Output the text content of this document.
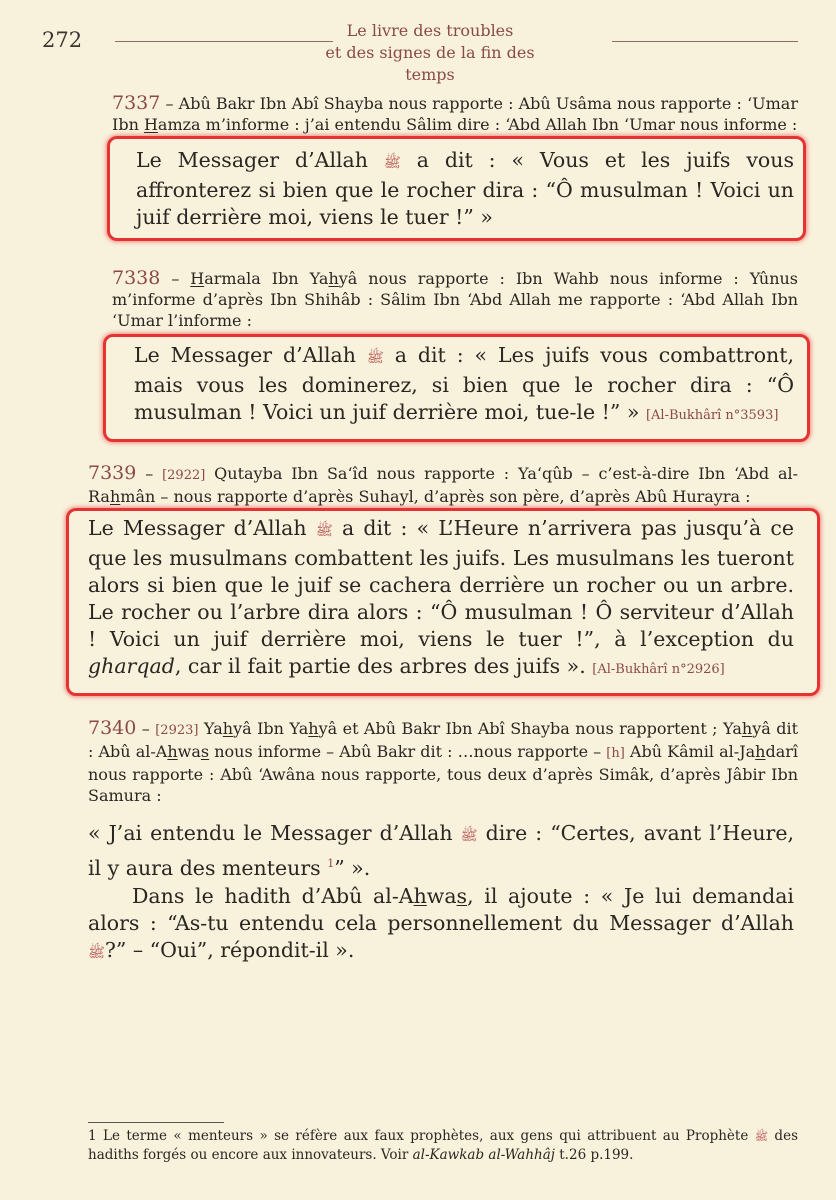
272	Le livre des troubles
et des signes de la fin des temps
7337 – Abû Bakr Ibn Abî Shayba nous rapporte : Abû Usâma nous rapporte : ‘Umar Ibn Hamza m’informe : j’ai entendu Sâlim dire : ‘Abd Allah Ibn ‘Umar nous informe :
Le Messager d’Allah ﷺ a dit : « Vous et les juifs vous affronterez si bien que le rocher dira : “Ô musulman ! Voici un juif derrière moi, viens le tuer !” »
7338 – Harmala Ibn Yahyâ nous rapporte : Ibn Wahb nous informe : Yûnus m’informe d’après Ibn Shihâb : Sâlim Ibn ‘Abd Allah me rapporte : ‘Abd Allah Ibn ‘Umar l’informe :
Le Messager d’Allah ﷺ a dit : « Les juifs vous combattront, mais vous les dominerez, si bien que le rocher dira : “Ô musulman ! Voici un juif derrière moi, tue-le !” » [Al-Bukhârî n°3593]
7339 – [2922] Qutayba Ibn Sa‘îd nous rapporte : Ya‘qûb – c’est-à-dire Ibn ‘Abd al-Rahmân – nous rapporte d’après Suhayl, d’après son père, d’après Abû Hurayra :
Le Messager d’Allah ﷺ a dit : « L’Heure n’arrivera pas jusqu’à ce que les musulmans combattent les juifs. Les musulmans les tueront alors si bien que le juif se cachera derrière un rocher ou un arbre. Le rocher ou l’arbre dira alors : “Ô musulman ! Ô serviteur d’Allah ! Voici un juif derrière moi, viens le tuer !”, à l’exception du gharqad, car il fait partie des arbres des juifs ». [Al-Bukhârî n°2926]
7340 – [2923] Yahyâ Ibn Yahyâ et Abû Bakr Ibn Abî Shayba nous rapportent ; Yahyâ dit : Abû al-Ahwas nous informe – Abû Bakr dit : …nous rapporte – [h] Abû Kâmil al-Jahdarî nous rapporte : Abû ‘Awâna nous rapporte, tous deux d’après Simâk, d’après Jâbir Ibn Samura :
« J’ai entendu le Messager d’Allah ﷺ dire : “Certes, avant l’Heure, il y aura des menteurs $^1$” ».
Dans le hadith d’Abû al-Ahwas, il ajoute : « Je lui demandai alors : “As-tu entendu cela personnellement du Messager d’Allah ﷺ?” – “Oui”, répondit-il ».
1 Le terme « menteurs » se réfère aux faux prophètes, aux gens qui attribuent au Prophète ﷺ des hadiths forgés ou encore aux innovateurs. Voir al-Kawkab al-Wahhâj t.26 p.199.
